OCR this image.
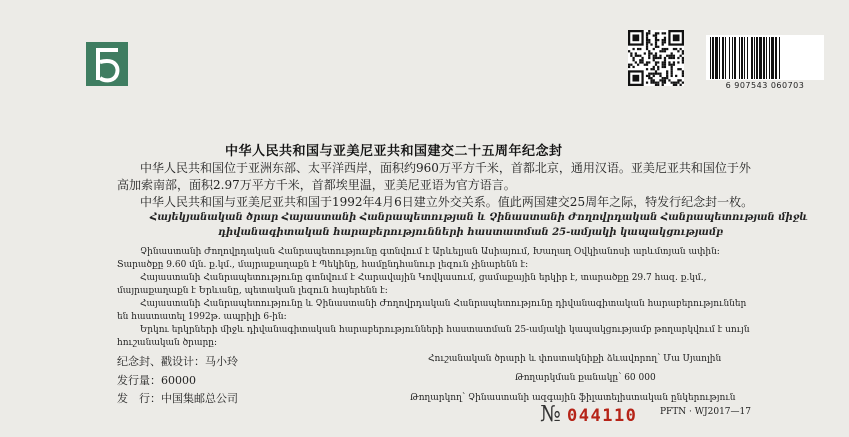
6 907543 060703
中华人民共和国与亚美尼亚共和国建交二十五周年纪念封
中华人民共和国位于亚洲东部、太平洋西岸，面积约960万平方千米，首都北京，通用汉语。亚美尼亚共和国位于外
高加索南部，面积2.97万平方千米，首都埃里温，亚美尼亚语为官方语言。
中华人民共和国与亚美尼亚共和国于1992年4月6日建立外交关系。值此两国建交25周年之际，特发行纪念封一枚。
Հայեկյանական ծրար Հայաստանի Հանրապետության և Չինաստանի Ժողովրդական Հանրապետության միջև
դիվանագիտական հարաբերությունների հաստատման 25-ամյակի կապակցությամբ
Չինաստանի Ժողովրդական Հանրապետությունը գտնվում է Արևելյան Ասիայում, Խաղաղ Օվկիանոսի արևմտյան ափին:
Տարածքը 9.60 մլն. ք.կմ., մայրաքաղաքն է Պեկինը, համընդհանուր լեզուն չինարենն է:
Հայաստանի Հանրապետությունը գտնվում է Հարավային Կովկասում, ցամաքային երկիր է, տարածքը 29.7 հազ. ք.կմ.,
մայրաքաղաքն է Երևանը, պետական լեզուն հայերենն է:
Հայաստանի Հանրապետությունը և Չինաստանի Ժողովրդական Հանրապետությունը դիվանագիտական հարաբերություններ
են հաստատել 1992թ. ապրիլի 6-ին:
Երկու երկրների միջև դիվանագիտական հարաբերությունների հաստատման 25-ամյակի կապակցությամբ թողարկվում է սույն
հուշանական ծրարը:
纪念封、戳设计：马小玲
发行量：60000
发　行：中国集邮总公司
Հուշանական ծրարի և փոստակնիքի ձևավորող՝ Մա Սյաոլին
Թողարկման քանակը՝ 60 000
Թողարկող՝ Չինաստանի ազգային ֆիլատելիստական ընկերություն
PFTN · WJ2017—17
№ 044110
